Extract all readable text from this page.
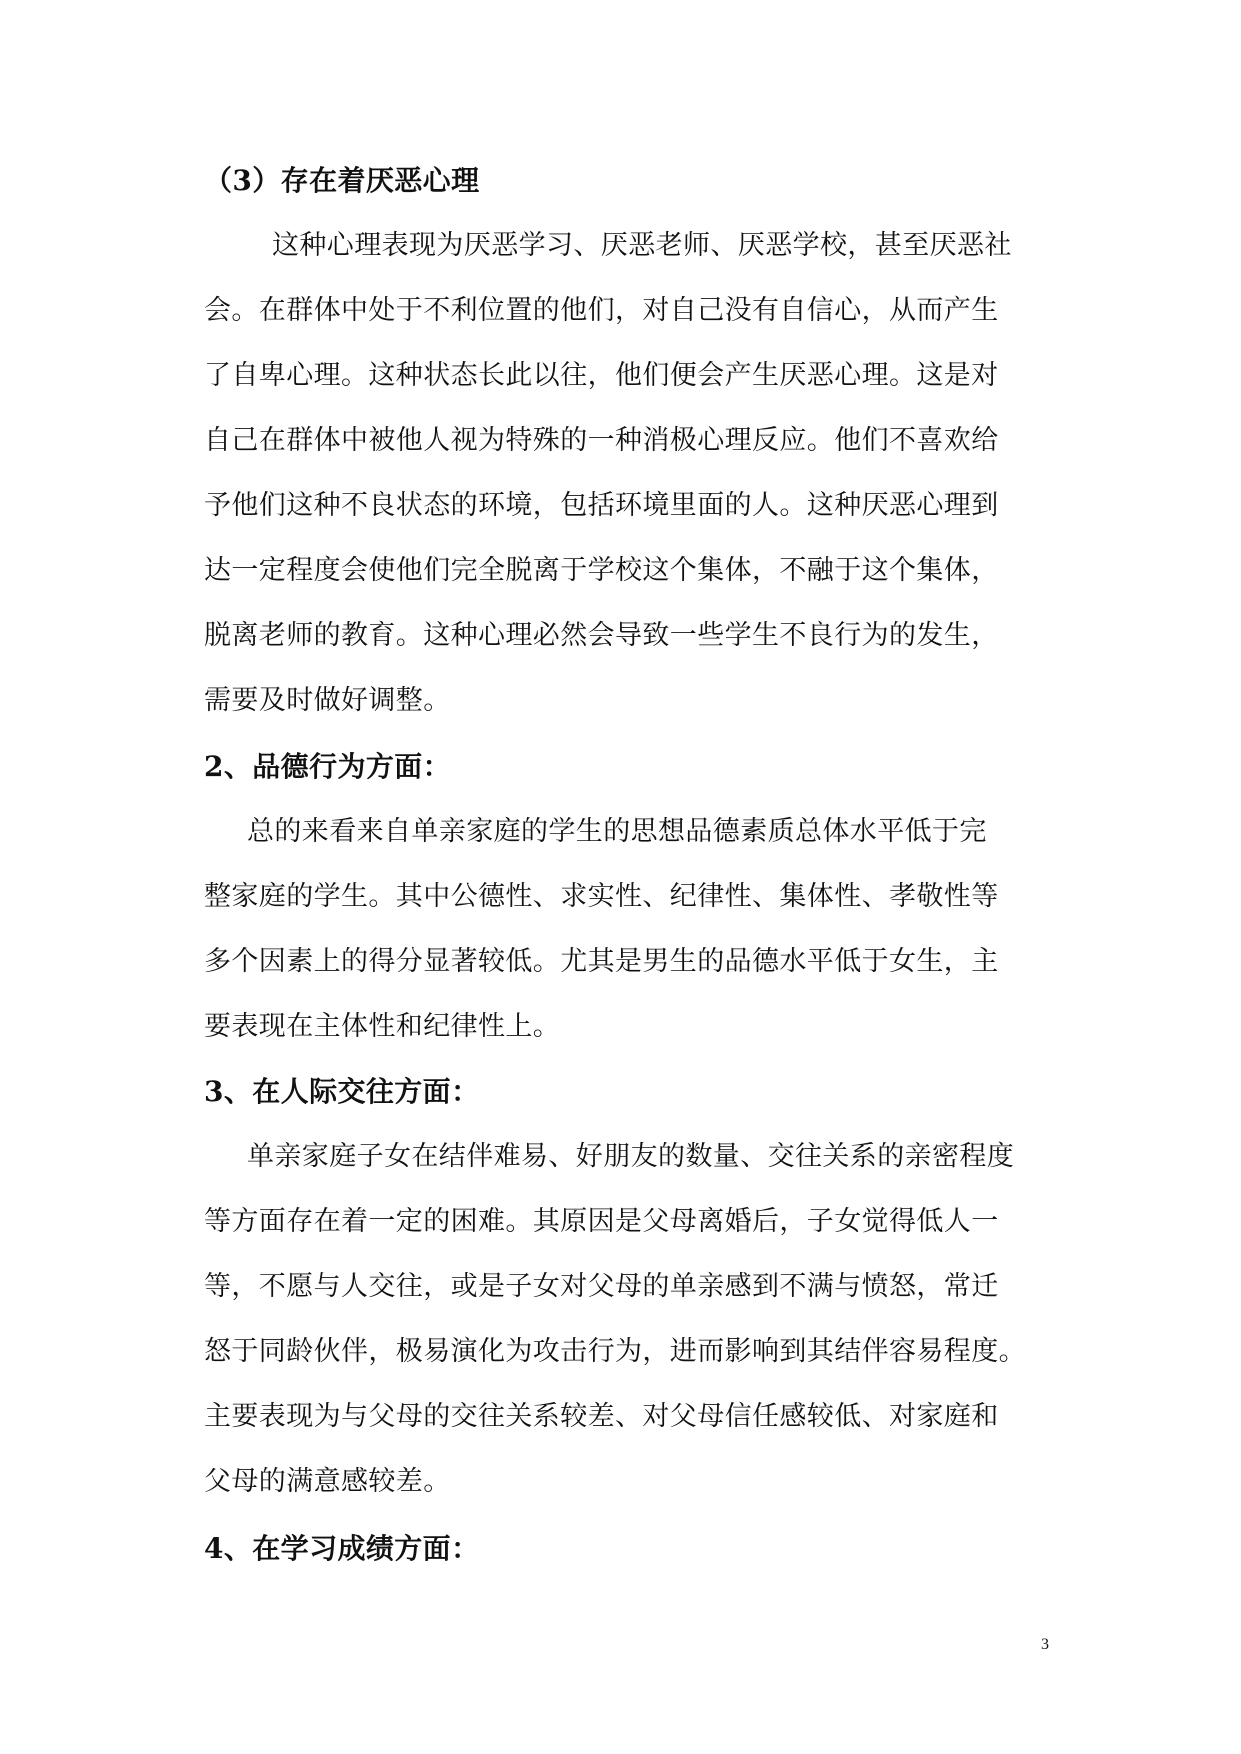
（3）存在着厌恶心理
这种心理表现为厌恶学习、厌恶老师、厌恶学校，甚至厌恶社
会。在群体中处于不利位置的他们，对自己没有自信心，从而产生
了自卑心理。这种状态长此以往，他们便会产生厌恶心理。这是对
自己在群体中被他人视为特殊的一种消极心理反应。他们不喜欢给
予他们这种不良状态的环境，包括环境里面的人。这种厌恶心理到
达一定程度会使他们完全脱离于学校这个集体，不融于这个集体，
脱离老师的教育。这种心理必然会导致一些学生不良行为的发生，
需要及时做好调整。
2、品德行为方面：
总的来看来自单亲家庭的学生的思想品德素质总体水平低于完
整家庭的学生。其中公德性、求实性、纪律性、集体性、孝敬性等
多个因素上的得分显著较低。尤其是男生的品德水平低于女生，主
要表现在主体性和纪律性上。
3、在人际交往方面：
单亲家庭子女在结伴难易、好朋友的数量、交往关系的亲密程度
等方面存在着一定的困难。其原因是父母离婚后，子女觉得低人一
等，不愿与人交往，或是子女对父母的单亲感到不满与愤怒，常迁
怒于同龄伙伴，极易演化为攻击行为，进而影响到其结伴容易程度。
主要表现为与父母的交往关系较差、对父母信任感较低、对家庭和
父母的满意感较差。
4、在学习成绩方面：
3
